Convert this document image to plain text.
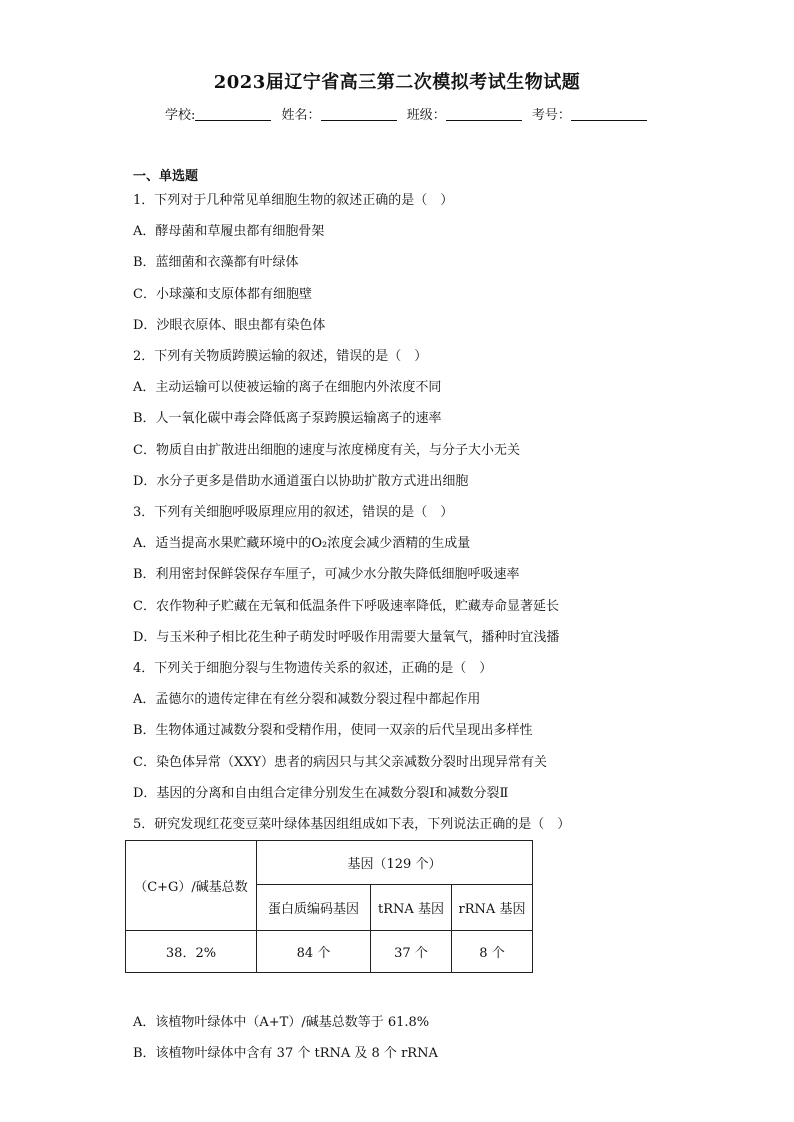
2023届辽宁省高三第二次模拟考试生物试题
学校:	姓名：	班级：	考号：
一、单选题
1．下列对于几种常见单细胞生物的叙述正确的是（　）
A．酵母菌和草履虫都有细胞骨架
B．蓝细菌和衣藻都有叶绿体
C．小球藻和支原体都有细胞壁
D．沙眼衣原体、眼虫都有染色体
2．下列有关物质跨膜运输的叙述，错误的是（　）
A．主动运输可以使被运输的离子在细胞内外浓度不同
B．人一氧化碳中毒会降低离子泵跨膜运输离子的速率
C．物质自由扩散进出细胞的速度与浓度梯度有关，与分子大小无关
D．水分子更多是借助水通道蛋白以协助扩散方式进出细胞
3．下列有关细胞呼吸原理应用的叙述，错误的是（　）
A．适当提高水果贮藏环境中的O₂浓度会减少酒精的生成量
B．利用密封保鲜袋保存车厘子，可减少水分散失降低细胞呼吸速率
C．农作物种子贮藏在无氧和低温条件下呼吸速率降低，贮藏寿命显著延长
D．与玉米种子相比花生种子萌发时呼吸作用需要大量氧气，播种时宜浅播
4．下列关于细胞分裂与生物遗传关系的叙述，正确的是（　）
A．孟德尔的遗传定律在有丝分裂和减数分裂过程中都起作用
B．生物体通过减数分裂和受精作用，使同一双亲的后代呈现出多样性
C．染色体异常（XXY）患者的病因只与其父亲减数分裂时出现异常有关
D．基因的分离和自由组合定律分别发生在减数分裂Ⅰ和减数分裂Ⅱ
5．研究发现红花变豆菜叶绿体基因组组成如下表，下列说法正确的是（　）
（C+G）/碱基总数	基因（129 个）		
	蛋白质编码基因	tRNA 基因	rRNA 基因
38．2%	84 个	37 个	8 个
A．该植物叶绿体中（A+T）/碱基总数等于 61.8%
B．该植物叶绿体中含有 37 个 tRNA 及 8 个 rRNA
